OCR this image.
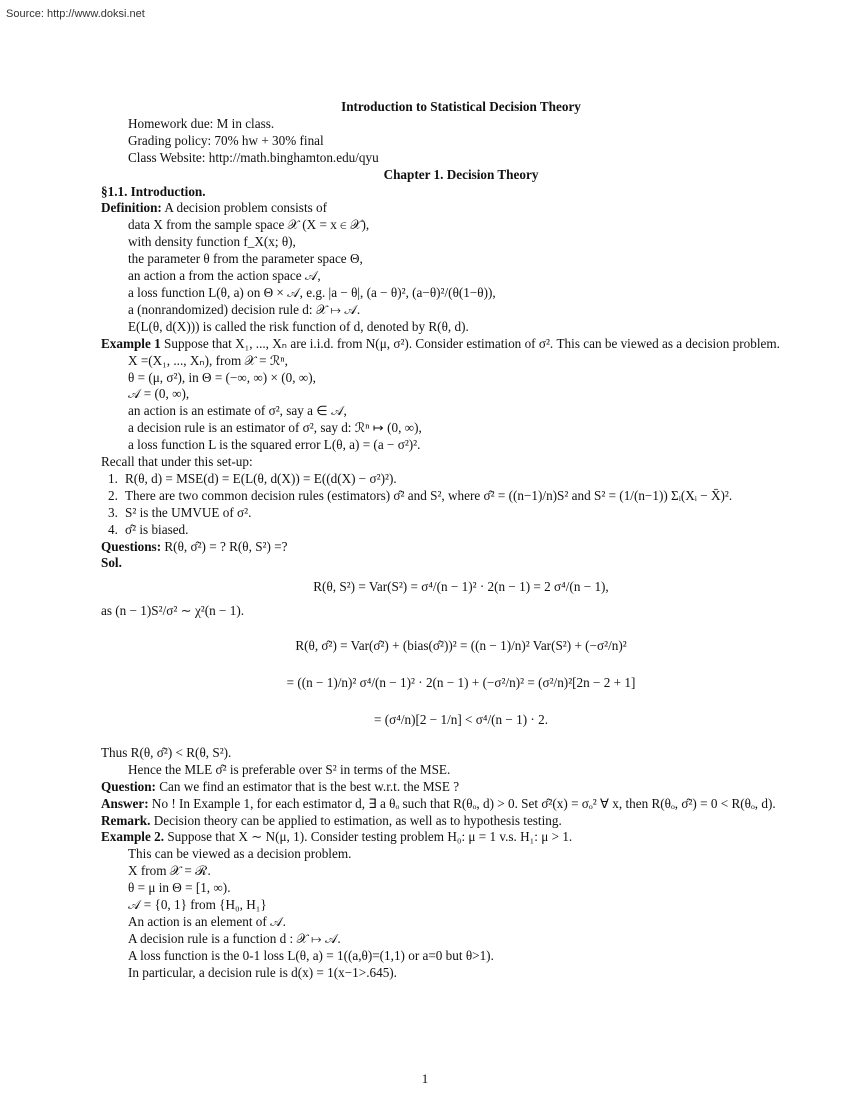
Source: http://www.doksi.net
Introduction to Statistical Decision Theory
Homework due: M in class.
Grading policy: 70% hw + 30% final
Class Website: http://math.binghamton.edu/qyu
Chapter 1. Decision Theory
§1.1. Introduction.
Definition: A decision problem consists of
data X from the sample space 𝒳 (X = x ∈ 𝒳),
with density function f_X(x; θ),
the parameter θ from the parameter space Θ,
an action a from the action space 𝒜,
a loss function L(θ, a) on Θ × 𝒜, e.g. |a − θ|, (a − θ)², (a−θ)²/(θ(1−θ)),
a (nonrandomized) decision rule d: 𝒳 ↦ 𝒜.
E(L(θ, d(X))) is called the risk function of d, denoted by R(θ, d).
Example 1 Suppose that X₁, ..., Xₙ are i.i.d. from N(μ, σ²). Consider estimation of σ². This can be viewed as a decision problem.
X =(X₁, ..., Xₙ), from 𝒳 = ℛⁿ,
θ = (μ, σ²), in Θ = (−∞, ∞) × (0, ∞),
𝒜 = (0, ∞),
an action is an estimate of σ², say a ∈ 𝒜,
a decision rule is an estimator of σ², say d: ℛⁿ ↦ (0, ∞),
a loss function L is the squared error L(θ, a) = (a − σ²)².
Recall that under this set-up:
1. R(θ, d) = MSE(d) = E(L(θ, d(X)) = E((d(X) − σ²)²).
2. There are two common decision rules (estimators) σ̂² and S², where σ̂² = ((n−1)/n)S² and S² = (1/(n−1)) Σᵢ(Xᵢ − X̄)².
3. S² is the UMVUE of σ².
4. σ̂² is biased.
Questions: R(θ, σ̂²) = ? R(θ, S²) =?
Sol.
R(θ, S²) = Var(S²) = σ⁴/(n − 1)² · 2(n − 1) = 2 σ⁴/(n − 1),
as (n − 1)S²/σ² ∼ χ²(n − 1).
R(θ, σ̂²) = Var(σ̂²) + (bias(σ̂²))² = ((n − 1)/n)² Var(S²) + (−σ²/n)²
= ((n − 1)/n)² σ⁴/(n − 1)² · 2(n − 1) + (−σ²/n)² = (σ²/n)²[2n − 2 + 1]
= (σ⁴/n)[2 − 1/n] < σ⁴/(n − 1) · 2.
Thus R(θ, σ̂²) < R(θ, S²).
Hence the MLE σ̂² is preferable over S² in terms of the MSE.
Question: Can we find an estimator that is the best w.r.t. the MSE ?
Answer: No ! In Example 1, for each estimator d, ∃ a θₒ such that R(θₒ, d) > 0. Set σ̂²(x) = σₒ² ∀ x, then R(θₒ, σ̂²) = 0 < R(θₒ, d).
Remark. Decision theory can be applied to estimation, as well as to hypothesis testing.
Example 2. Suppose that X ∼ N(μ, 1). Consider testing problem H₀: μ = 1 v.s. H₁: μ > 1.
This can be viewed as a decision problem.
X from 𝒳 = ℛ.
θ = μ in Θ = [1, ∞).
𝒜 = {0, 1} from {H₀, H₁}
An action is an element of 𝒜.
A decision rule is a function d : 𝒳 ↦ 𝒜.
A loss function is the 0-1 loss L(θ, a) = 1((a,θ)=(1,1) or a=0 but θ>1).
In particular, a decision rule is d(x) = 1(x−1>.645).
1
